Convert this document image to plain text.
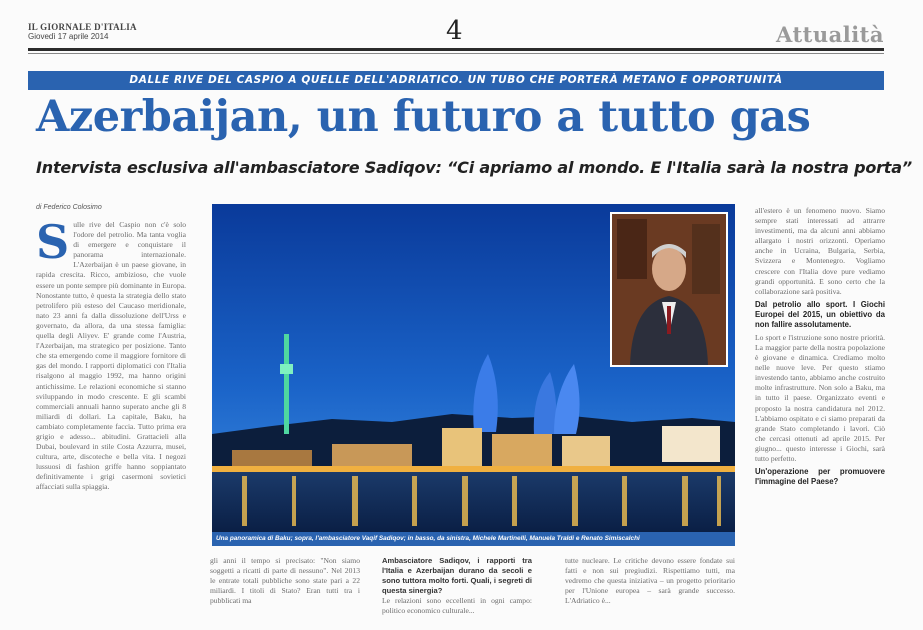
IL GIORNALE D'ITALIA
Giovedì 17 aprile 2014	4	Attualità
DALLE RIVE DEL CASPIO A QUELLE DELL'ADRIATICO. UN TUBO CHE PORTERÀ METANO E OPPORTUNITÀ
Azerbaijan, un futuro a tutto gas
Intervista esclusiva all'ambasciatore Sadiqov: “Ci apriamo al mondo. E l'Italia sarà la nostra porta”
di Federico Colosimo
Sulle rive del Caspio non c'è solo l'odore del petrolio. Ma tanta voglia di emergere e conquistare il panorama internazionale. L'Azerbaijan è un paese giovane, in rapida crescita. Ricco, ambizioso, che vuole essere un ponte sempre più dominante in Europa. Nonostante tutto, è questa la strategia dello stato petrolifero più esteso del Caucaso meridionale, nato 23 anni fa dalla dissoluzione dell'Urss e governato, da allora, da una stessa famiglia: quella degli Aliyev. E' grande come l'Austria, l'Azerbaijan, ma strategico per posizione. Tanto che sta emergendo come il maggiore fornitore di gas del mondo. I rapporti diplomatici con l'Italia risalgono al maggio 1992, ma hanno origini antichissime. Le relazioni economiche si stanno sviluppando in modo crescente. E gli scambi commerciali annuali hanno superato anche gli 8 miliardi di dollari. La capitale, Baku, ha cambiato completamente faccia. Tutto prima era grigio e adesso... abitudini. Grattacieli alla Dubai, boulevard in stile Costa Azzurra, musei, cultura, arte, discoteche e bella vita. I negozi lussuosi di fashion griffe hanno soppiantato definitivamente i grigi casermoni sovietici affacciati sulla spiaggia.
Una panoramica di Baku; sopra, l'ambasciatore Vaqif Sadiqov; in basso, da sinistra, Michele Martinelli, Manuela Traldi e Renato Simiscalchi
all'estero è un fenomeno nuovo. Siamo sempre stati interessati ad attrarre investimenti, ma da alcuni anni abbiamo allargato i nostri orizzonti. Operiamo anche in Ucraina, Bulgaria, Serbia, Svizzera e Montenegro. Vogliamo crescere con l'Italia dove pure vediamo grandi opportunità. E sono certo che la collaborazione sarà positiva.
Dal petrolio allo sport. I Giochi Europei del 2015, un obiettivo da non fallire assolutamente.
Lo sport e l'istruzione sono nostre priorità. La maggior parte della nostra popolazione è giovane e dinamica. Crediamo molto nelle nuove leve. Per questo stiamo investendo tanto, abbiamo anche costruito molte infrastrutture. Non solo a Baku, ma in tutto il paese. Organizzato eventi e proposto la nostra candidatura nel 2012. L'abbiamo ospitato e ci siamo preparati da grande Stato completando i lavori. Ciò che cercasi ottenuti ad aprile 2015. Per giugno... questo interesse i Giochi, sarà tutto perfetto.
Un'operazione per promuovere l'immagine del Paese?
gli anni il tempo si precisato: "Non siamo soggetti a ricatti di parte di nessuno". Nel 2013 le entrate totali pubbliche sono state pari a 22 miliardi. I titoli di Stato? Eran tutti tra i pubblicati ma
Ambasciatore Sadiqov, i rapporti tra l'Italia e Azerbaijan durano da secoli e sono tuttora molto forti. Quali, i segreti di questa sinergia?
Le relazioni sono eccellenti in ogni campo: politico economico culturale...
tutte nucleare. Le critiche devono essere fondate sui fatti e non sui pregiudizi. Rispettiamo tutti, ma vedremo che questa iniziativa – un progetto prioritario per l'Unione europea – sarà grande successo. L'Adriatico è...
